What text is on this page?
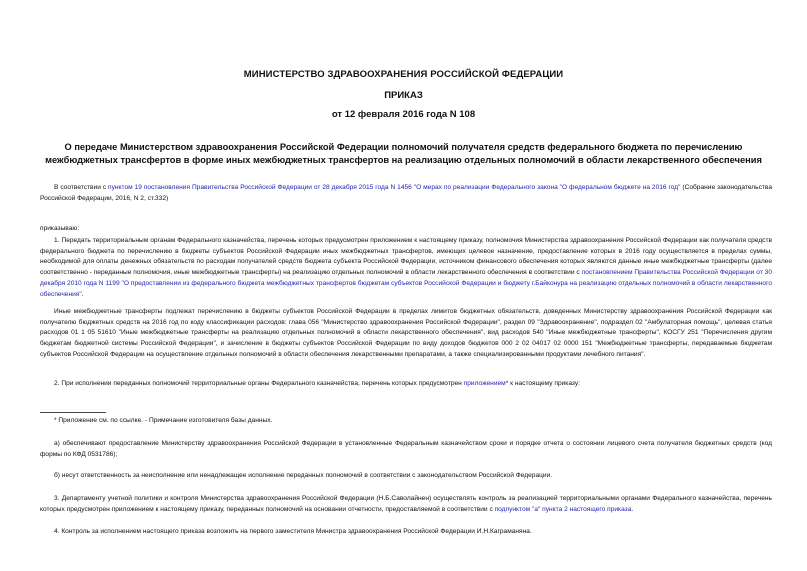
МИНИСТЕРСТВО ЗДРАВООХРАНЕНИЯ РОССИЙСКОЙ ФЕДЕРАЦИИ
ПРИКАЗ
от 12 февраля 2016 года N 108
О передаче Министерством здравоохранения Российской Федерации полномочий получателя средств федерального бюджета по перечислению межбюджетных трансфертов в форме иных межбюджетных трансфертов на реализацию отдельных полномочий в области лекарственного обеспечения
В соответствии с пунктом 19 постановления Правительства Российской Федерации от 28 декабря 2015 года N 1456 "О мерах по реализации Федерального закона "О федеральном бюджете на 2016 год" (Собрание законодательства Российской Федерации, 2016, N 2, ст.332)
приказываю:
1. Передать территориальным органам Федерального казначейства, перечень которых предусмотрен приложением к настоящему приказу, полномочия Министерства здравоохранения Российской Федерации как получателя средств федерального бюджета по перечислению в бюджеты субъектов Российской Федерации иных межбюджетных трансфертов, имеющих целевое назначение, предоставление которых в 2016 году осуществляется в пределах суммы, необходимой для оплаты денежных обязательств по расходам получателей средств бюджета субъекта Российской Федерации, источником финансового обеспечения которых являются данные иные межбюджетные трансферты (далее соответственно - переданные полномочия, иные межбюджетные трансферты) на реализацию отдельных полномочий в области лекарственного обеспечения в соответствии с постановлением Правительства Российской Федерации от 30 декабря 2010 года N 1199 "О предоставлении из федерального бюджета межбюджетных трансфертов бюджетам субъектов Российской Федерации и бюджету г.Байконура на реализацию отдельных полномочий в области лекарственного обеспечения".
Иные межбюджетные трансферты подлежат перечислению в бюджеты субъектов Российской Федерации в пределах лимитов бюджетных обязательств, доведенных Министерству здравоохранения Российской Федерации как получателю бюджетных средств на 2016 год по коду классификации расходов: глава 056 "Министерство здравоохранения Российской Федерации", раздел 09 "Здравоохранение", подраздел 02 "Амбулаторная помощь", целевая статья расходов 01 1 05 51610 "Иные межбюджетные трансферты на реализацию отдельных полномочий в области лекарственного обеспечения", вид расходов 540 "Иные межбюджетные трансферты", КОСГУ 251 "Перечисления другим бюджетам бюджетной системы Российской Федерации", и зачисление в бюджеты субъектов Российской Федерации по виду доходов бюджетов 000 2 02 04017 02 0000 151 "Межбюджетные трансферты, передаваемые бюджетам субъектов Российской Федерации на осуществление отдельных полномочий в области обеспечения лекарственными препаратами, а также специализированными продуктами лечебного питания".
2. При исполнении переданных полномочий территориальные органы Федерального казначейства, перечень которых предусмотрен приложением* к настоящему приказу:
* Приложение см. по ссылке. - Примечание изготовителя базы данных.
а) обеспечивают предоставление Министерству здравоохранения Российской Федерации в установленные Федеральным казначейством сроки и порядке отчета о состоянии лицевого счета получателя бюджетных средств (код формы по КФД 0531786);
б) несут ответственность за неисполнение или ненадлежащее исполнение переданных полномочий в соответствии с законодательством Российской Федерации.
3. Департаменту учетной политики и контроля Министерства здравоохранения Российской Федерации (Н.Б.Саволайнен) осуществлять контроль за реализацией территориальными органами Федерального казначейства, перечень которых предусмотрен приложением к настоящему приказу, переданных полномочий на основании отчетности, предоставляемой в соответствии с подпунктом "а" пункта 2 настоящего приказа.
4. Контроль за исполнением настоящего приказа возложить на первого заместителя Министра здравоохранения Российской Федерации И.Н.Каграманяна.
